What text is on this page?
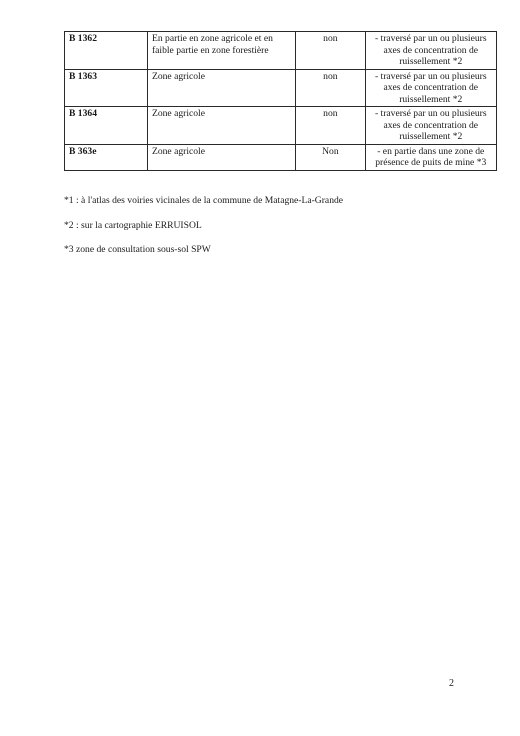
B 1362	En partie en zone agricole et en faible partie en zone forestière	non	- traversé par un ou plusieurs axes de concentration de ruissellement *2
B 1363	Zone agricole	non	- traversé par un ou plusieurs axes de concentration de ruissellement *2
B 1364	Zone agricole	non	- traversé par un ou plusieurs axes de concentration de ruissellement *2
B 363e	Zone agricole	Non	- en partie dans une zone de présence de puits de mine *3
*1 : à l'atlas des voiries vicinales de la commune de Matagne-La-Grande
*2 : sur la cartographie ERRUISOL
*3 zone de consultation sous-sol SPW
2
